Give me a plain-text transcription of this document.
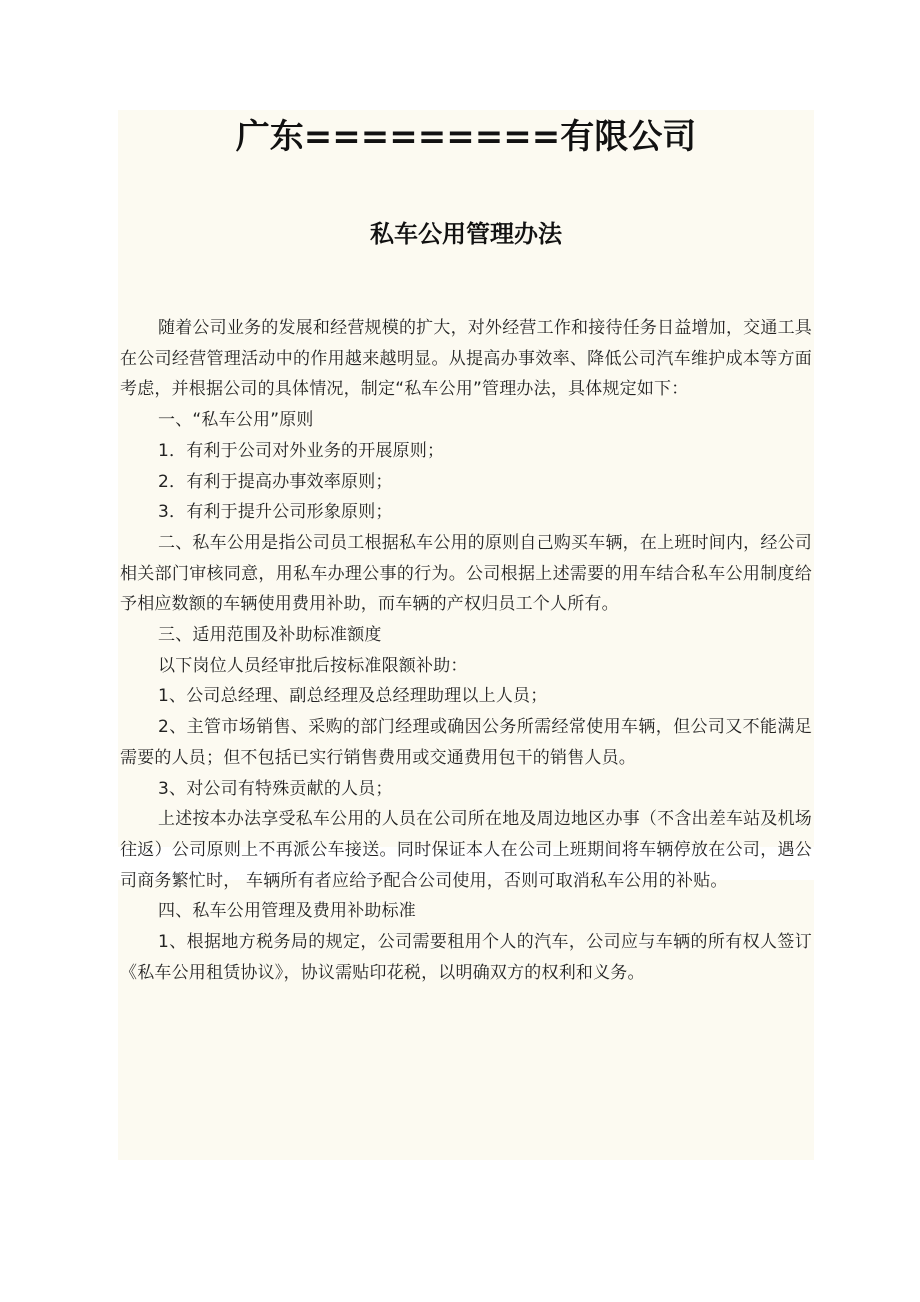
广东=========有限公司
私车公用管理办法

随着公司业务的发展和经营规模的扩大，对外经营工作和接待任务日益增加，交通工具在公司经营管理活动中的作用越来越明显。从提高办事效率、降低公司汽车维护成本等方面考虑，并根据公司的具体情况，制定“私车公用”管理办法，具体规定如下：

一、“私车公用”原则

1．有利于公司对外业务的开展原则；

2．有利于提高办事效率原则；

3．有利于提升公司形象原则；

二、私车公用是指公司员工根据私车公用的原则自己购买车辆，在上班时间内，经公司相关部门审核同意，用私车办理公事的行为。公司根据上述需要的用车结合私车公用制度给予相应数额的车辆使用费用补助，而车辆的产权归员工个人所有。

三、适用范围及补助标准额度

以下岗位人员经审批后按标准限额补助：

1、公司总经理、副总经理及总经理助理以上人员；

2、主管市场销售、采购的部门经理或确因公务所需经常使用车辆，但公司又不能满足需要的人员；但不包括已实行销售费用或交通费用包干的销售人员。

3、对公司有特殊贡献的人员；

上述按本办法享受私车公用的人员在公司所在地及周边地区办事（不含出差车站及机场往返）公司原则上不再派公车接送。同时保证本人在公司上班期间将车辆停放在公司，遇公司商务繁忙时， 车辆所有者应给予配合公司使用，否则可取消私车公用的补贴。

四、私车公用管理及费用补助标准

1、根据地方税务局的规定，公司需要租用个人的汽车，公司应与车辆的所有权人签订《私车公用租赁协议》，协议需贴印花税，以明确双方的权利和义务。
